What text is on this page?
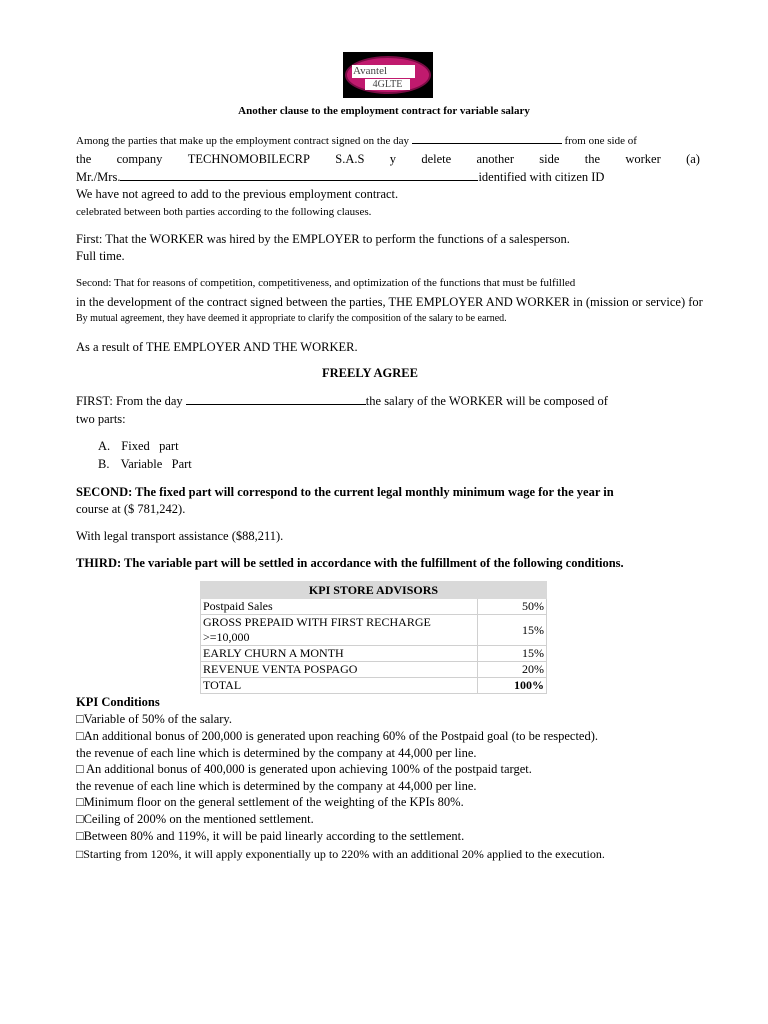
Avantel
4GLTE
Another clause to the employment contract for variable salary
Among the parties that make up the employment contract signed on the day	from one side of
the company TECHNOMOBILECRP S.A.S y delete another side the worker (a)
Mr./Mrs.	identified with citizen ID
We have not agreed to add to the previous employment contract.
celebrated between both parties according to the following clauses.
First: That the WORKER was hired by the EMPLOYER to perform the functions of a salesperson.
Full time.
Second: That for reasons of competition, competitiveness, and optimization of the functions that must be fulfilled
in the development of the contract signed between the parties, THE EMPLOYER AND WORKER in (mission or service) for
By mutual agreement, they have deemed it appropriate to clarify the composition of the salary to be earned.
As a result of THE EMPLOYER AND THE WORKER.
FREELY AGREE
FIRST: From the day	the salary of the WORKER will be composed of
two parts:
A. Fixed   part
B. Variable   Part
SECOND: The fixed part will correspond to the current legal monthly minimum wage for the year in
course at ($ 781,242).
With legal transport assistance ($88,211).
THIRD: The variable part will be settled in accordance with the fulfillment of the following conditions.
KPI STORE ADVISORS	
Postpaid Sales	50%
GROSS PREPAID WITH FIRST RECHARGE >=10,000	15%
EARLY CHURN A MONTH	15%
REVENUE VENTA POSPAGO	20%
TOTAL	100%
KPI Conditions
□Variable of 50% of the salary.
□An additional bonus of 200,000 is generated upon reaching 60% of the Postpaid goal (to be respected).
the revenue of each line which is determined by the company at 44,000 per line.
□ An additional bonus of 400,000 is generated upon achieving 100% of the postpaid target.
the revenue of each line which is determined by the company at 44,000 per line.
□Minimum floor on the general settlement of the weighting of the KPIs 80%.
□Ceiling of 200% on the mentioned settlement.
□Between 80% and 119%, it will be paid linearly according to the settlement.
□Starting from 120%, it will apply exponentially up to 220% with an additional 20% applied to the execution.
